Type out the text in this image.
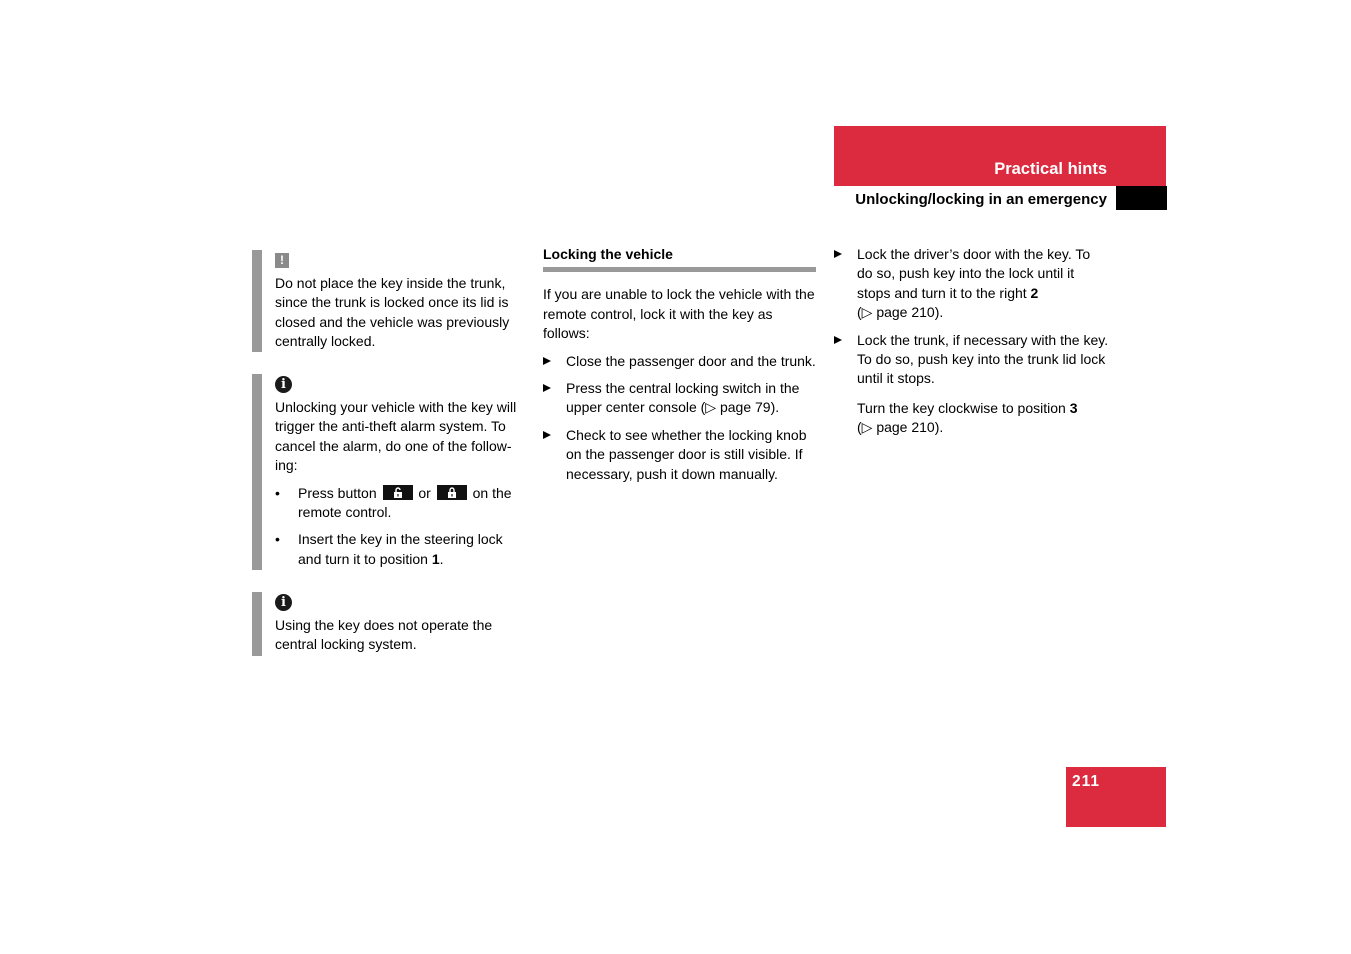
Practical hints
Unlocking/locking in an emergency
!

Do not place the key inside the trunk, since the trunk is locked once its lid is closed and the vehicle was previously centrally locked.

i

Unlocking your vehicle with the key will trigger the anti-theft alarm system. To cancel the alarm, do one of the follow-ing:

• Press button	or	on the remote control.
• Insert the key in the steering lock and turn it to position 1.
i

Using the key does not operate the central locking system.

Locking the vehicle

If you are unable to lock the vehicle with the remote control, lock it with the key as follows:

Close the passenger door and the trunk.
Press the central locking switch in the upper center console (▷ page 79).
Check to see whether the locking knob on the passenger door is still visible. If necessary, push it down manually.
Lock the driver’s door with the key. To do so, push key into the lock until it stops and turn it to the right 2
(▷ page 210).
Lock the trunk, if necessary with the key. To do so, push key into the trunk lid lock until it stops.

Turn the key clockwise to position 3
(▷ page 210).

211
